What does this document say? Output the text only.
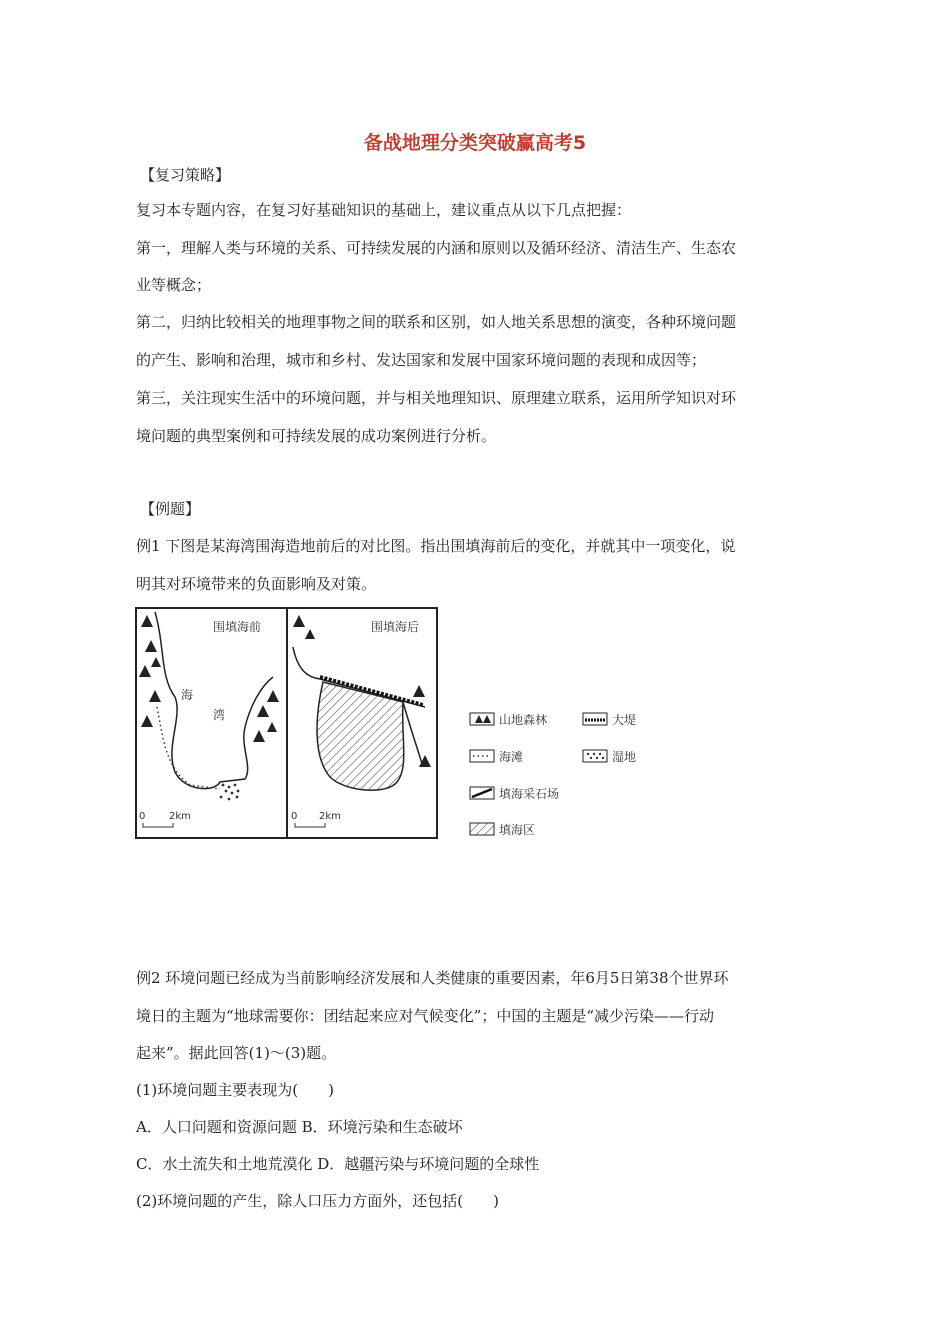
备战地理分类突破赢高考5
【复习策略】
复习本专题内容，在复习好基础知识的基础上，建议重点从以下几点把握：
第一，理解人类与环境的关系、可持续发展的内涵和原则以及循环经济、清洁生产、生态农
业等概念；
第二，归纳比较相关的地理事物之间的联系和区别，如人地关系思想的演变，各种环境问题
的产生、影响和治理，城市和乡村、发达国家和发展中国家环境问题的表现和成因等；
第三，关注现实生活中的环境问题，并与相关地理知识、原理建立联系，运用所学知识对环
境问题的典型案例和可持续发展的成功案例进行分析。
【例题】
例1 下图是某海湾围海造地前后的对比图。指出围填海前后的变化，并就其中一项变化，说
明其对环境带来的负面影响及对策。
围填海前
海
湾
0 2km
围填海后
0 2km
山地森林	大堤
海滩	湿地
填海采石场
填海区
例2 环境问题已经成为当前影响经济发展和人类健康的重要因素，年6月5日第38个世界环
境日的主题为“地球需要你：团结起来应对气候变化”；中国的主题是“减少污染——行动
起来”。据此回答(1)～(3)题。
(1)环境问题主要表现为(　　)
A．人口问题和资源问题 B．环境污染和生态破坏
C．水土流失和土地荒漠化 D．越疆污染与环境问题的全球性
(2)环境问题的产生，除人口压力方面外，还包括(　　)
